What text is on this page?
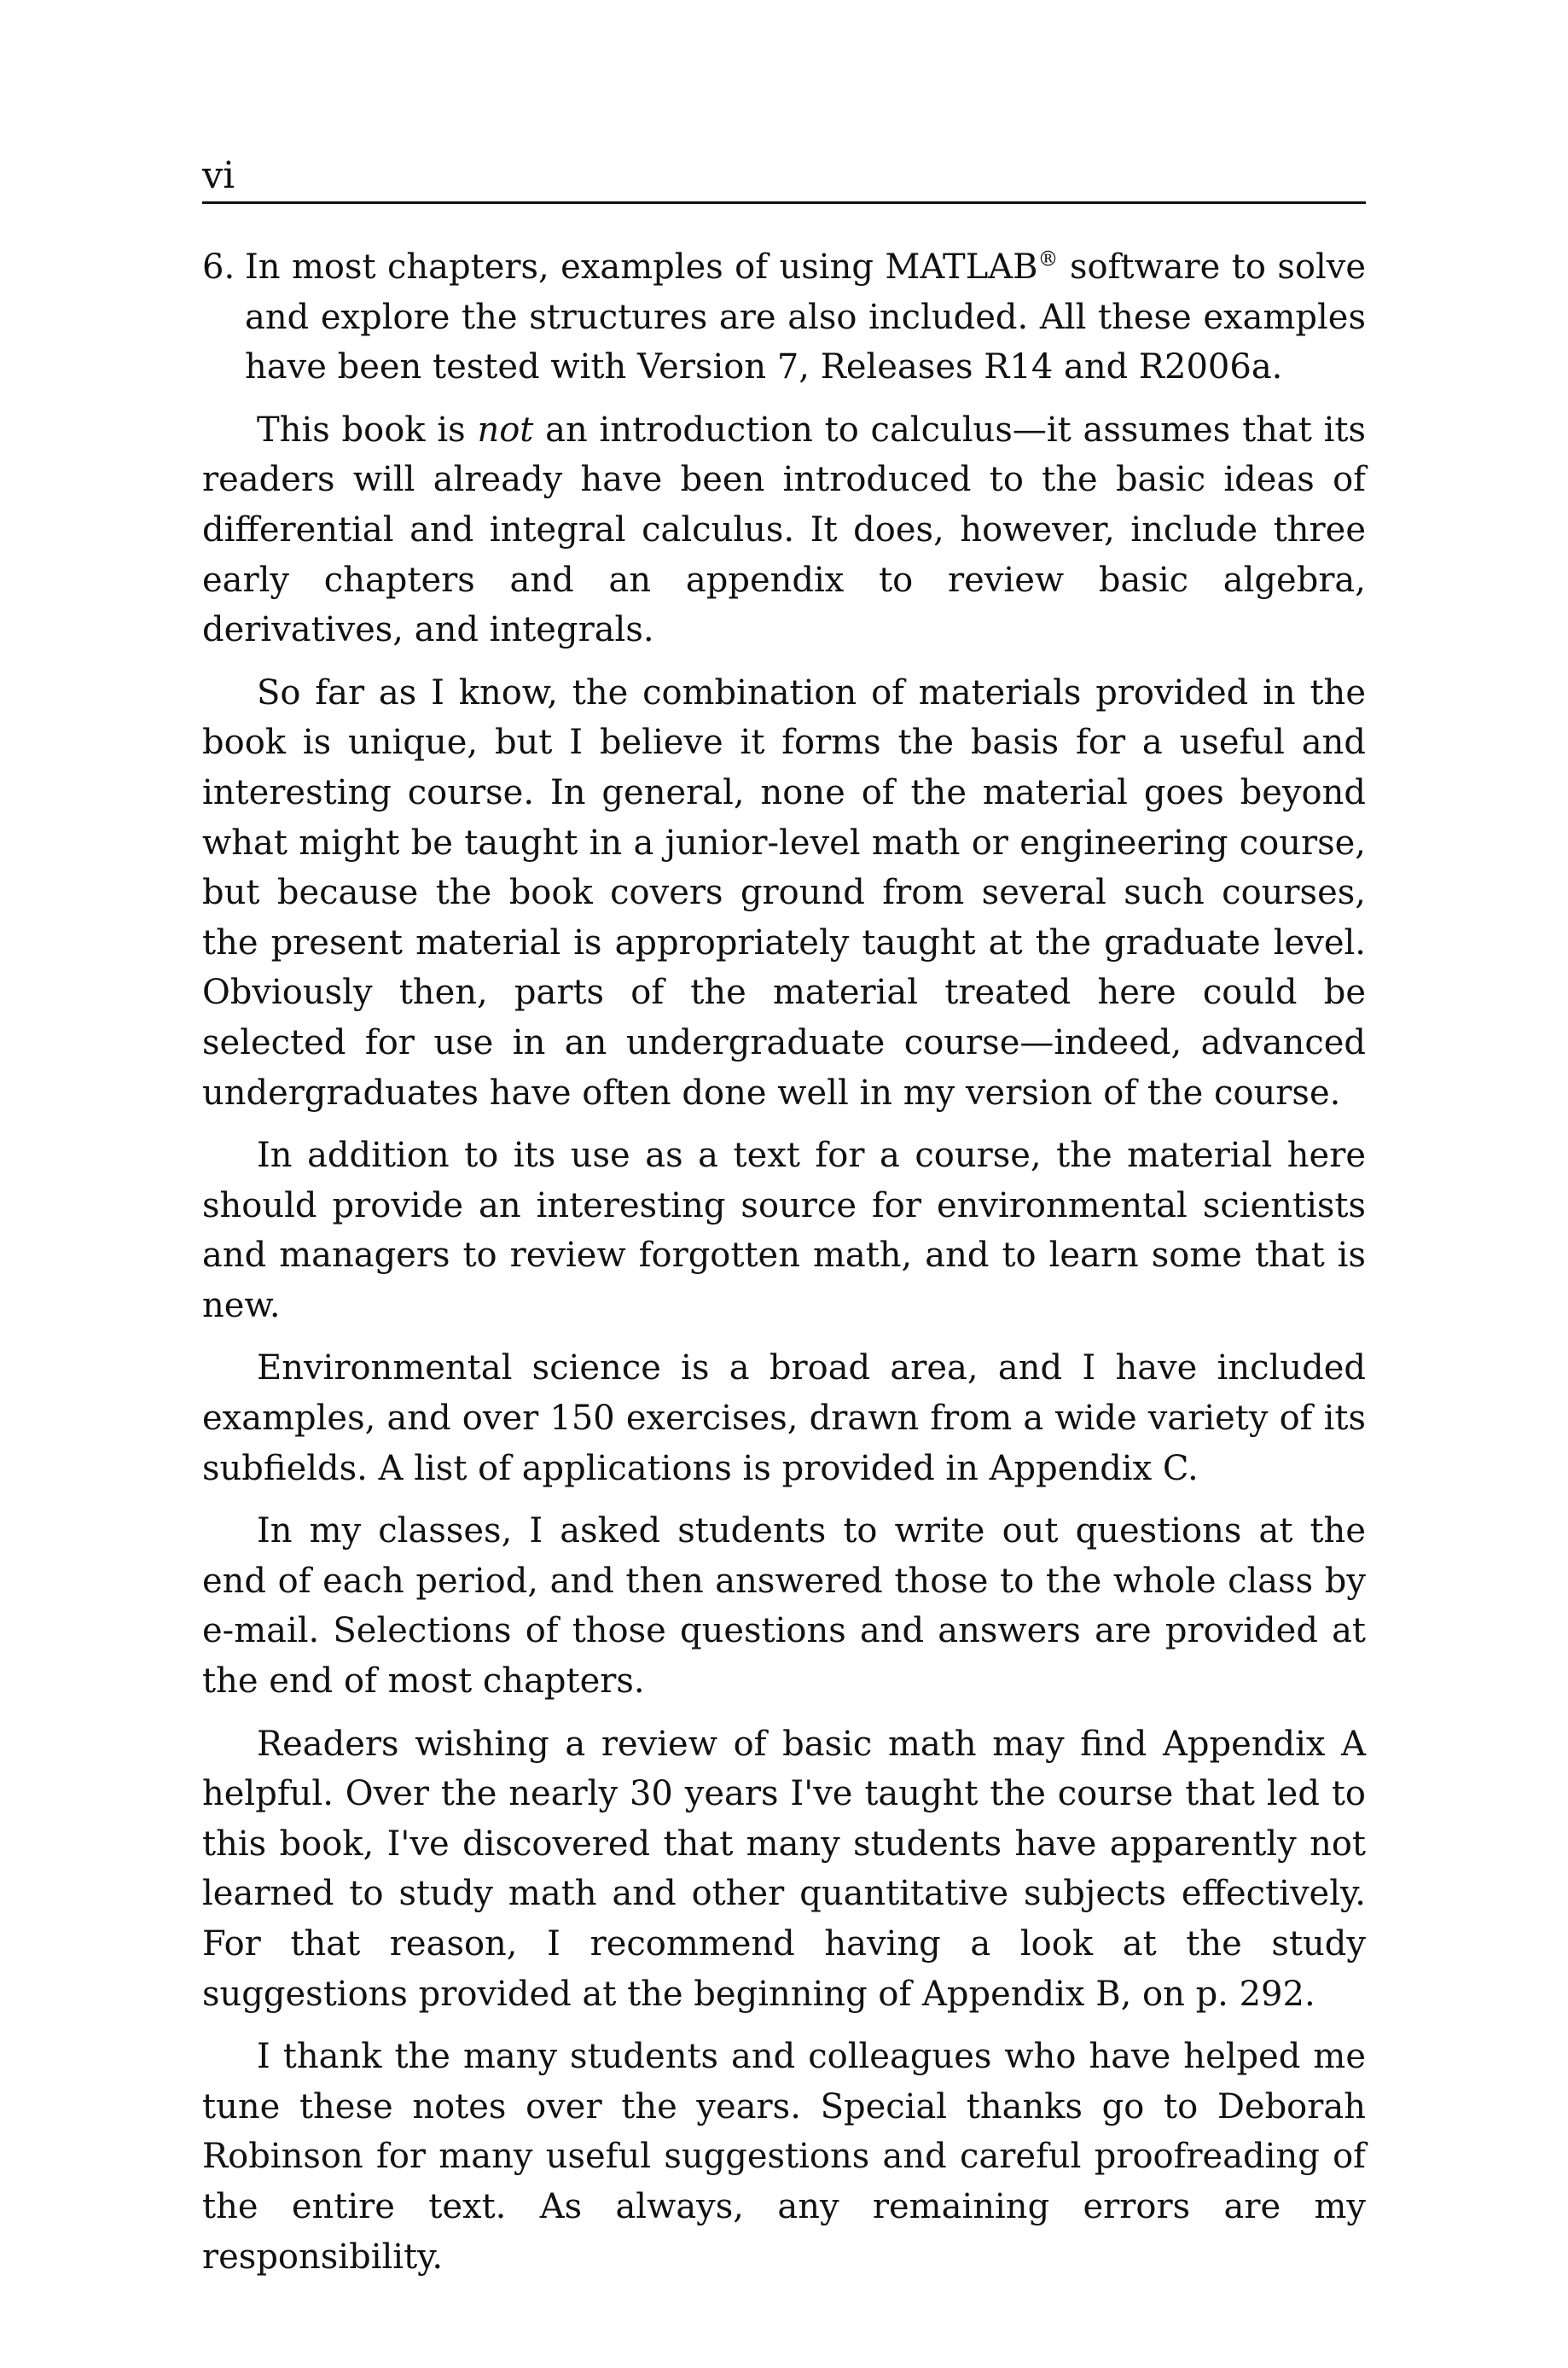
vi
6. In most chapters, examples of using MATLAB® software to solve and explore the structures are also included. All these examples have been tested with Version 7, Releases R14 and R2006a.

This book is not an introduction to calculus—it assumes that its readers will already have been introduced to the basic ideas of differential and integral calculus. It does, however, include three early chapters and an appendix to review basic algebra, derivatives, and integrals.

So far as I know, the combination of materials provided in the book is unique, but I believe it forms the basis for a useful and interesting course. In general, none of the material goes beyond what might be taught in a junior-level math or engineering course, but because the book covers ground from several such courses, the present material is appropriately taught at the graduate level. Obviously then, parts of the material treated here could be selected for use in an undergraduate course—indeed, advanced undergraduates have often done well in my version of the course.

In addition to its use as a text for a course, the material here should provide an interesting source for environmental scientists and managers to review forgotten math, and to learn some that is new.

Environmental science is a broad area, and I have included examples, and over 150 exercises, drawn from a wide variety of its subfields. A list of applications is provided in Appendix C.

In my classes, I asked students to write out questions at the end of each period, and then answered those to the whole class by e-mail. Selections of those questions and answers are provided at the end of most chapters.

Readers wishing a review of basic math may find Appendix A helpful. Over the nearly 30 years I've taught the course that led to this book, I've discovered that many students have apparently not learned to study math and other quantitative subjects effectively. For that reason, I recommend having a look at the study suggestions provided at the beginning of Appendix B, on p. 292.

I thank the many students and colleagues who have helped me tune these notes over the years. Special thanks go to Deborah Robinson for many useful suggestions and careful proofreading of the entire text. As always, any remaining errors are my responsibility.
